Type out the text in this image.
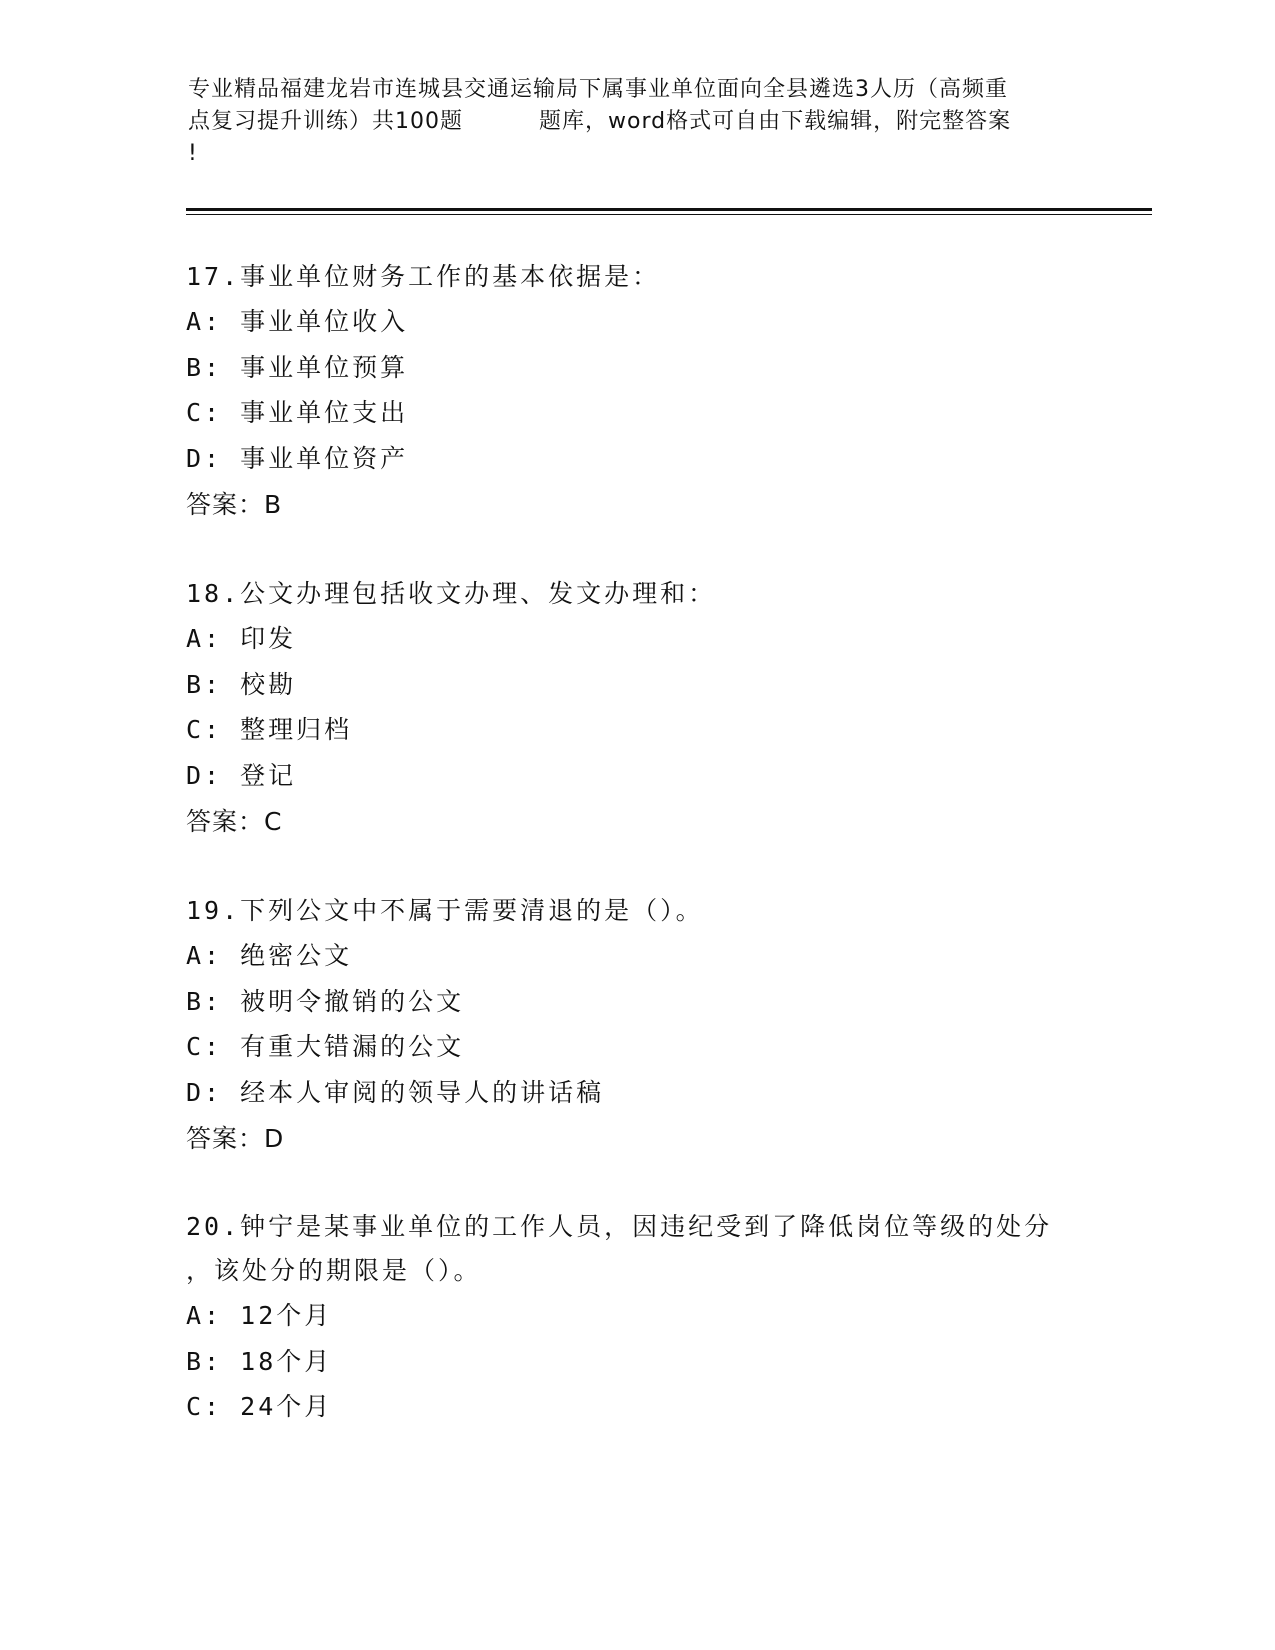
专业精品福建龙岩市连城县交通运输局下属事业单位面向全县遴选3人历（高频重
点复习提升训练）共100题	题库，word格式可自由下载编辑，附完整答案
!
17.事业单位财务工作的基本依据是：
A: 事业单位收入
B: 事业单位预算
C: 事业单位支出
D: 事业单位资产
答案：B
18.公文办理包括收文办理、发文办理和：
A: 印发
B: 校勘
C: 整理归档
D: 登记
答案：C
19.下列公文中不属于需要清退的是（）。
A: 绝密公文
B: 被明令撤销的公文
C: 有重大错漏的公文
D: 经本人审阅的领导人的讲话稿
答案：D
20.钟宁是某事业单位的工作人员，因违纪受到了降低岗位等级的处分
，该处分的期限是（）。
A: 12个月
B: 18个月
C: 24个月
